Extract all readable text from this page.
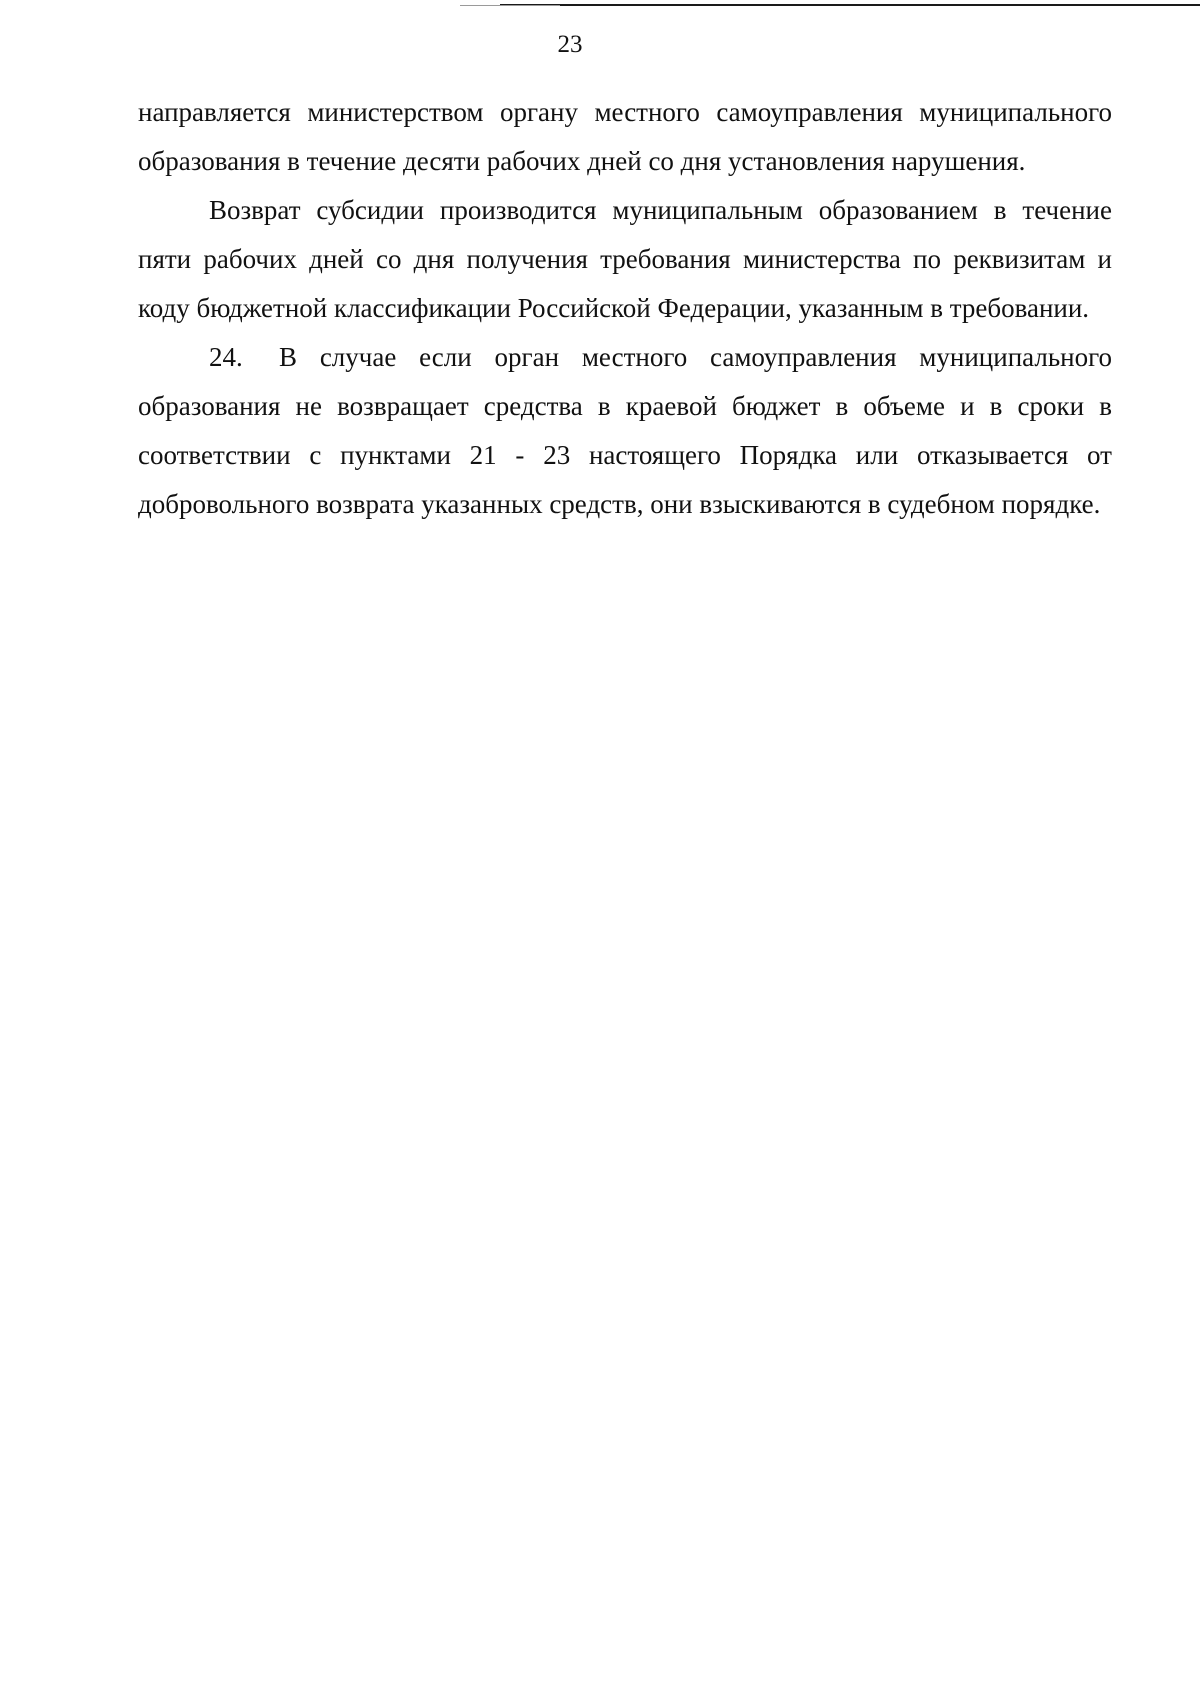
23

направляется министерством органу местного самоуправления муниципального образования в течение десяти рабочих дней со дня установления нарушения.

Возврат субсидии производится муниципальным образованием в течение пяти рабочих дней со дня получения требования министерства по реквизитам и коду бюджетной классификации Российской Федерации, указанным в требовании.

24. В случае если орган местного самоуправления муниципального образования не возвращает средства в краевой бюджет в объеме и в сроки в соответствии с пунктами 21 - 23 настоящего Порядка или отказывается от добровольного возврата указанных средств, они взыскиваются в судебном порядке.
